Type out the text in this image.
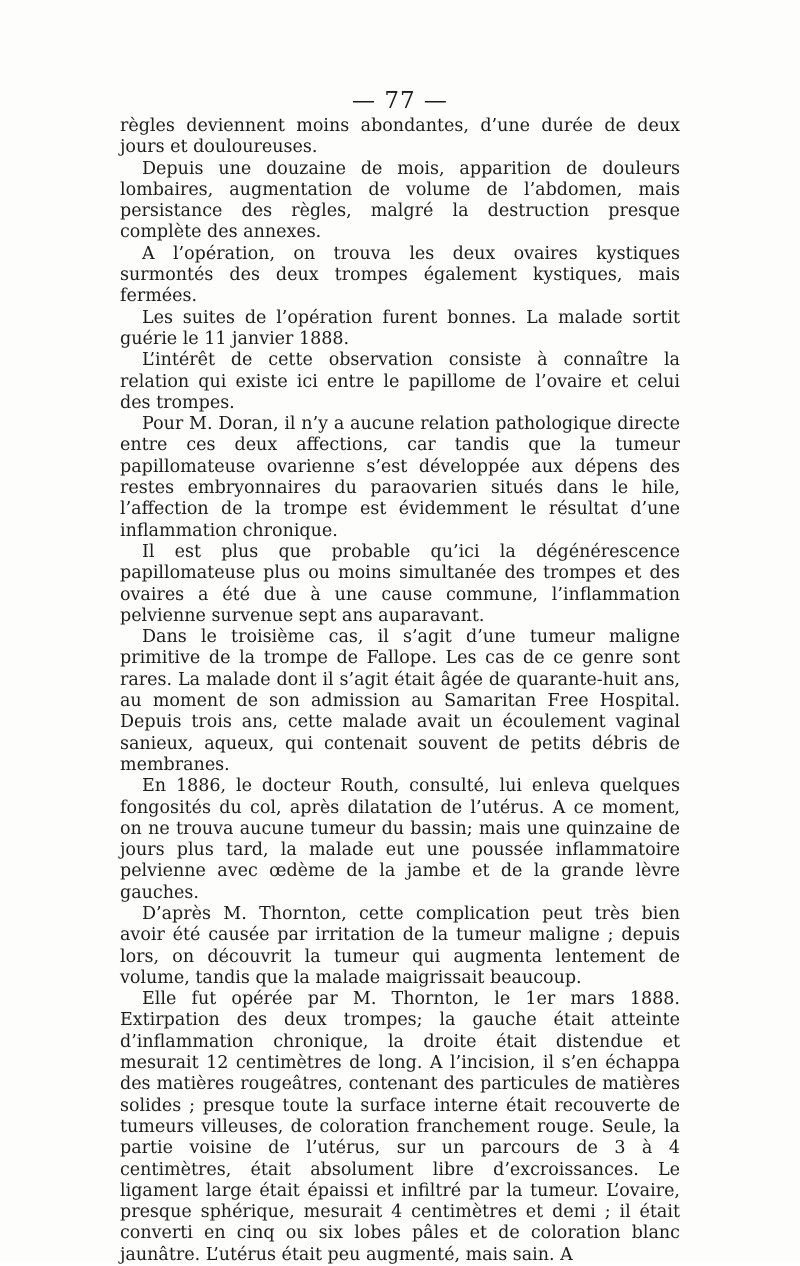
— 77 —

règles deviennent moins abondantes, d’une durée de deux jours et douloureuses.

Depuis une douzaine de mois, apparition de douleurs lombaires, augmentation de volume de l’abdomen, mais persistance des règles, malgré la destruction presque complète des annexes.

A l’opération, on trouva les deux ovaires kystiques surmontés des deux trompes également kystiques, mais fermées.

Les suites de l’opération furent bonnes. La malade sortit guérie le 11 janvier 1888.

L’intérêt de cette observation consiste à connaître la relation qui existe ici entre le papillome de l’ovaire et celui des trompes.

Pour M. Doran, il n’y a aucune relation pathologique directe entre ces deux affections, car tandis que la tumeur papillomateuse ovarienne s’est développée aux dépens des restes embryonnaires du paraovarien situés dans le hile, l’affection de la trompe est évidemment le résultat d’une inflammation chronique.

Il est plus que probable qu’ici la dégénérescence papillomateuse plus ou moins simultanée des trompes et des ovaires a été due à une cause commune, l’inflammation pelvienne survenue sept ans auparavant.

Dans le troisième cas, il s’agit d’une tumeur maligne primitive de la trompe de Fallope. Les cas de ce genre sont rares. La malade dont il s’agit était âgée de quarante-huit ans, au moment de son admission au Samaritan Free Hospital. Depuis trois ans, cette malade avait un écoulement vaginal sanieux, aqueux, qui contenait souvent de petits débris de membranes.

En 1886, le docteur Routh, consulté, lui enleva quelques fongosités du col, après dilatation de l’utérus. A ce moment, on ne trouva aucune tumeur du bassin; mais une quinzaine de jours plus tard, la malade eut une poussée inflammatoire pelvienne avec œdème de la jambe et de la grande lèvre gauches.

D’après M. Thornton, cette complication peut très bien avoir été causée par irritation de la tumeur maligne ; depuis lors, on découvrit la tumeur qui augmenta lentement de volume, tandis que la malade maigrissait beaucoup.

Elle fut opérée par M. Thornton, le 1er mars 1888. Extirpation des deux trompes; la gauche était atteinte d’inflammation chronique, la droite était distendue et mesurait 12 centimètres de long. A l’incision, il s’en échappa des matières rougeâtres, contenant des particules de matières solides ; presque toute la surface interne était recouverte de tumeurs villeuses, de coloration franchement rouge. Seule, la partie voisine de l’utérus, sur un parcours de 3 à 4 centimètres, était absolument libre d’excroissances. Le ligament large était épaissi et infiltré par la tumeur. L’ovaire, presque sphérique, mesurait 4 centimètres et demi ; il était converti en cinq ou six lobes pâles et de coloration blanc jaunâtre. L’utérus était peu augmenté, mais sain. A
